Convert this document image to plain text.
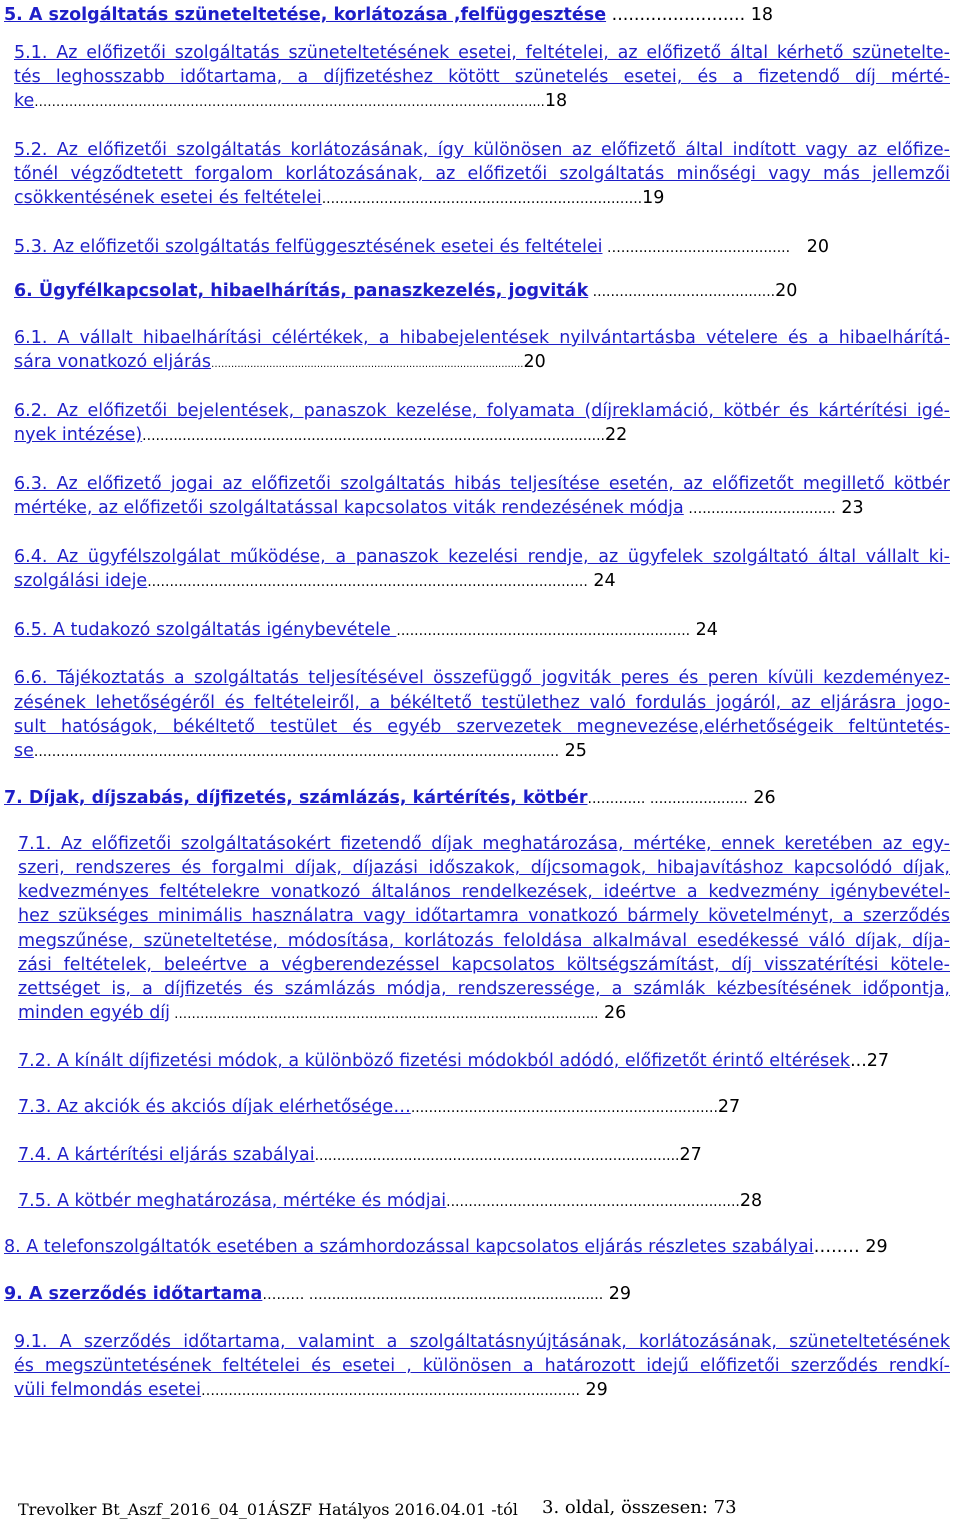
5. A szolgáltatás szüneteltetése, korlátozása ,felfüggesztése ........................ 18
5.1. Az előfizetői szolgáltatás szüneteltetésének esetei, feltételei, az előfizető által kérhető szünetelte-
tés leghosszabb időtartama, a díjfizetéshez kötött szünetelés esetei, és a fizetendő díj mérté-
ke……………………………………………………………………………………………………....18
5.2. Az előfizetői szolgáltatás korlátozásának, így különösen az előfizető által indított vagy az előfize-
tőnél végződtetett forgalom korlátozásának, az előfizetői szolgáltatás minőségi vagy más jellemzői
csökkentésének esetei és feltételei........................................................................19
5.3. Az előfizetői szolgáltatás felfüggesztésének esetei és feltételei …...................................... 20
6. Ügyfélkapcsolat, hibaelhárítás, panaszkezelés, jogviták .........................................20
6.1. A vállalt hibaelhárítási célértékek, a hibabejelentések nyilvántartásba vételere és a hibaelhárítá-
sára vonatkozó eljárás……............................................................................................20
6.2. Az előfizetői bejelentések, panaszok kezelése, folyamata (díjreklamáció, kötbér és kártérítési igé-
nyek intézése)........................................................................................................22
6.3. Az előfizető jogai az előfizetői szolgáltatás hibás teljesítése esetén, az előfizetőt megillető kötbér
mértéke, az előfizetői szolgáltatással kapcsolatos viták rendezésének módja ….............................. 23
6.4. Az ügyfélszolgálat működése, a panaszok kezelési rendje, az ügyfelek szolgáltató által vállalt ki-
szolgálási ideje................................................................................................... 24
6.5. A tudakozó szolgáltatás igénybevétele .................................................................. 24
6.6. Tájékoztatás a szolgáltatás teljesítésével összefüggő jogviták peres és peren kívüli kezdeményez-
zésének lehetőségéről és feltételeiről, a békéltető testülethez való fordulás jogáról, az eljárásra jogo-
sult hatóságok, békéltető testület és egyéb szervezetek megnevezése,elérhetőségeik feltüntetés-
se...................................................................................................................... 25
7. Díjak, díjszabás, díjfizetés, számlázás, kártérítés, kötbér............. ...................... 26
7.1. Az előfizetői szolgáltatásokért fizetendő díjak meghatározása, mértéke, ennek keretében az egy-
szeri, rendszeres és forgalmi díjak, díjazási időszakok, díjcsomagok, hibajavításhoz kapcsolódó díjak,
kedvezményes feltételekre vonatkozó általános rendelkezések, ideértve a kedvezmény igénybevétel-
hez szükséges minimális használatra vagy időtartamra vonatkozó bármely követelményt, a szerződés
megszűnése, szüneteltetése, módosítása, korlátozás feloldása alkalmával esedékessé váló díjak, díja-
zási feltételek, beleértve a végberendezéssel kapcsolatos költségszámítást, díj visszatérítési kötele-
zettséget is, a díjfizetés és számlázás módja, rendszeressége, a számlák kézbesítésének időpontja,
minden egyéb díj …………………………………………………………………………………….. 26
7.2. A kínált díjfizetési módok, a különböző fizetési módokból adódó, előfizetőt érintő eltérések...27
7.3. Az akciók és akciós díjak elérhetősége….....................................................................27
7.4. A kártérítési eljárás szabályai..................................................................................27
7.5. A kötbér meghatározása, mértéke és módjai..................................................................28
8. A telefonszolgáltatók esetében a számhordozással kapcsolatos eljárás részletes szabályai…..… 29
9. A szerződés időtartama……… …............................................................... 29
9.1. A szerződés időtartama, valamint a szolgáltatásnyújtásának, korlátozásának, szüneteltetésének
és megszüntetésének feltételei és esetei , különösen a határozott idejű előfizetői szerződés rendkí-
vüli felmondás esetei….................................................................................. 29
Trevolker Bt_Aszf_2016_04_01ÁSZF Hatályos 2016.04.01 -tól 3. oldal, összesen: 73
